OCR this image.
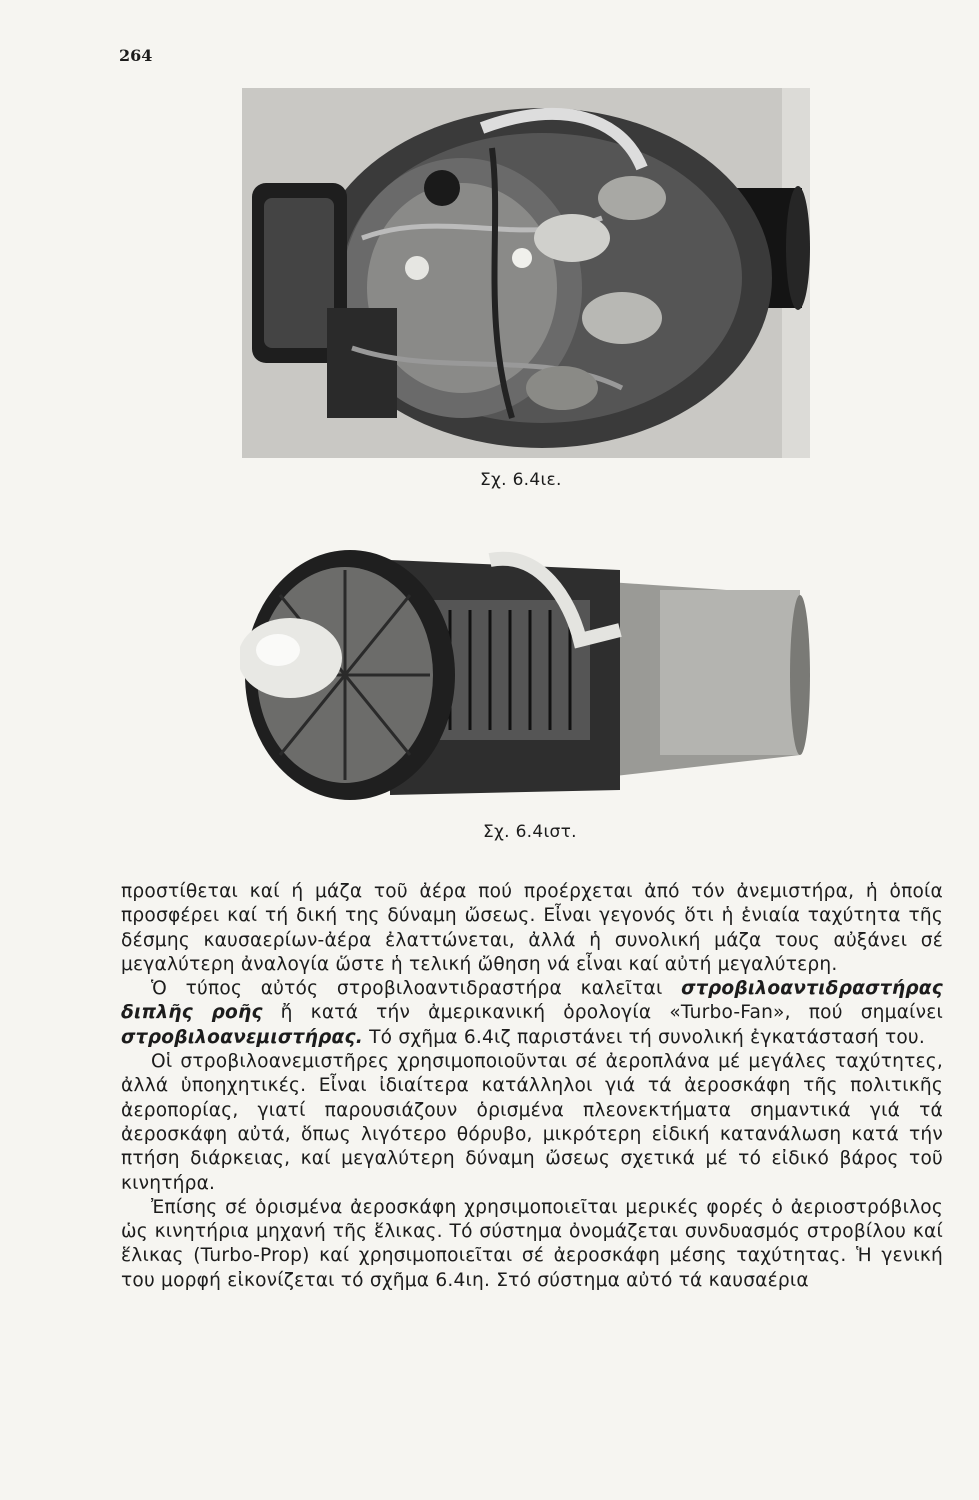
264
Σχ. 6.4ιε.
Σχ. 6.4ιστ.

προστίθεται καί ή μάζα τοῦ ἀέρα πού προέρχεται ἀπό τόν ἀνεμιστήρα, ἡ ὁποία προσφέρει καί τή δική της δύναμη ὤσεως. Εἶναι γεγονός ὅτι ἡ ἑνιαία ταχύτητα τῆς δέσμης καυσαερίων-ἀέρα ἐλαττώνεται, ἀλλά ἡ συνολική μάζα τους αὐξάνει σέ μεγαλύτερη ἀναλογία ὥστε ἡ τελική ὤθηση νά εἶναι καί αὐτή μεγαλύτερη.

Ὁ τύπος αὐτός στροβιλοαντιδραστήρα καλεῖται στροβιλοαντιδραστήρας διπλῆς ροῆς ἤ κατά τήν ἀμερικανική ὁρολογία «Turbo-Fan», πού σημαίνει στροβιλοανεμιστήρας. Τό σχῆμα 6.4ιζ παριστάνει τή συνολική ἐγκατάστασή του.

Οἱ στροβιλοανεμιστῆρες χρησιμοποιοῦνται σέ ἀεροπλάνα μέ μεγάλες ταχύτητες, ἀλλά ὑποηχητικές. Εἶναι ἰδιαίτερα κατάλληλοι γιά τά ἀεροσκάφη τῆς πολιτικῆς ἀεροπορίας, γιατί παρουσιάζουν ὁρισμένα πλεονεκτήματα σημαντικά γιά τά ἀεροσκάφη αὐτά, ὅπως λιγότερο θόρυβο, μικρότερη εἰδική κατανάλωση κατά τήν πτήση διάρκειας, καί μεγαλύτερη δύναμη ὤσεως σχετικά μέ τό εἰδικό βάρος τοῦ κινητήρα.

Ἐπίσης σέ ὁρισμένα ἀεροσκάφη χρησιμοποιεῖται μερικές φορές ὁ ἀεριοστρόβιλος ὡς κινητήρια μηχανή τῆς ἕλικας. Τό σύστημα ὀνομάζεται συνδυασμός στροβίλου καί ἕλικας (Turbo-Prop) καί χρησιμοποιεῖται σέ ἀεροσκάφη μέσης ταχύτητας. Ἡ γενική του μορφή εἰκονίζεται τό σχῆμα 6.4ιη. Στό σύστημα αὐτό τά καυσαέρια
